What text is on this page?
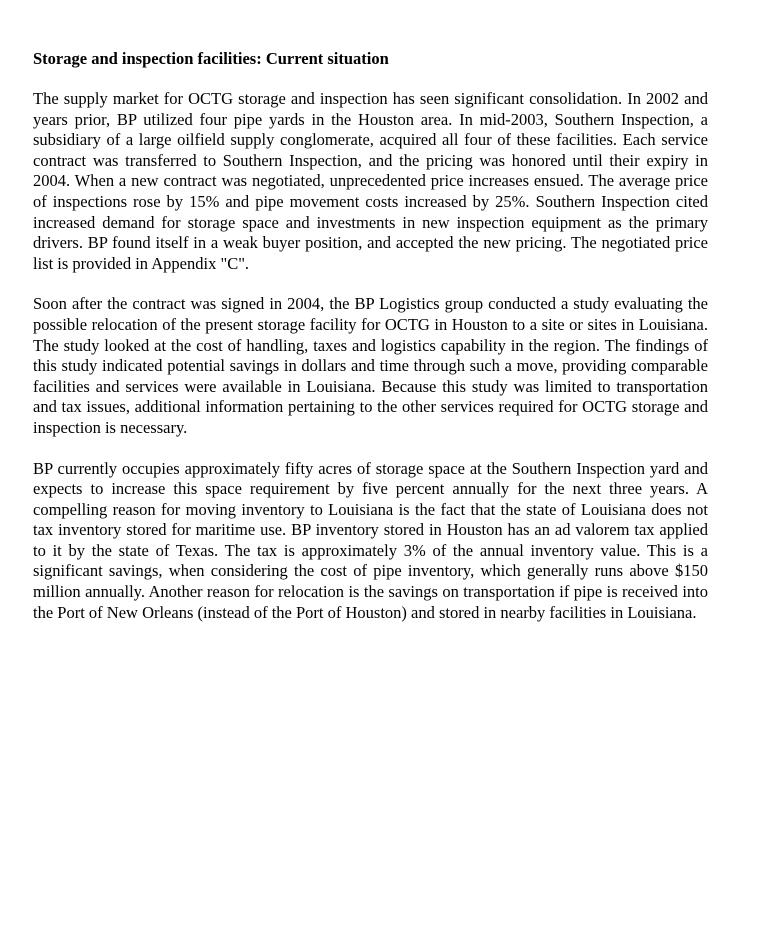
Storage and inspection facilities: Current situation

The supply market for OCTG storage and inspection has seen significant consolidation. In 2002 and years prior, BP utilized four pipe yards in the Houston area. In mid-2003, Southern Inspection, a subsidiary of a large oilfield supply conglomerate, acquired all four of these facilities. Each service contract was transferred to Southern Inspection, and the pricing was honored until their expiry in 2004. When a new contract was negotiated, unprecedented price increases ensued. The average price of inspections rose by 15% and pipe movement costs increased by 25%. Southern Inspection cited increased demand for storage space and investments in new inspection equipment as the primary drivers. BP found itself in a weak buyer position, and accepted the new pricing. The negotiated price list is provided in Appendix "C".

Soon after the contract was signed in 2004, the BP Logistics group conducted a study evaluating the possible relocation of the present storage facility for OCTG in Houston to a site or sites in Louisiana. The study looked at the cost of handling, taxes and logistics capability in the region. The findings of this study indicated potential savings in dollars and time through such a move, providing comparable facilities and services were available in Louisiana. Because this study was limited to transportation and tax issues, additional information pertaining to the other services required for OCTG storage and inspection is necessary.

BP currently occupies approximately fifty acres of storage space at the Southern Inspection yard and expects to increase this space requirement by five percent annually for the next three years. A compelling reason for moving inventory to Louisiana is the fact that the state of Louisiana does not tax inventory stored for maritime use. BP inventory stored in Houston has an ad valorem tax applied to it by the state of Texas. The tax is approximately 3% of the annual inventory value. This is a significant savings, when considering the cost of pipe inventory, which generally runs above $150 million annually. Another reason for relocation is the savings on transportation if pipe is received into the Port of New Orleans (instead of the Port of Houston) and stored in nearby facilities in Louisiana.
